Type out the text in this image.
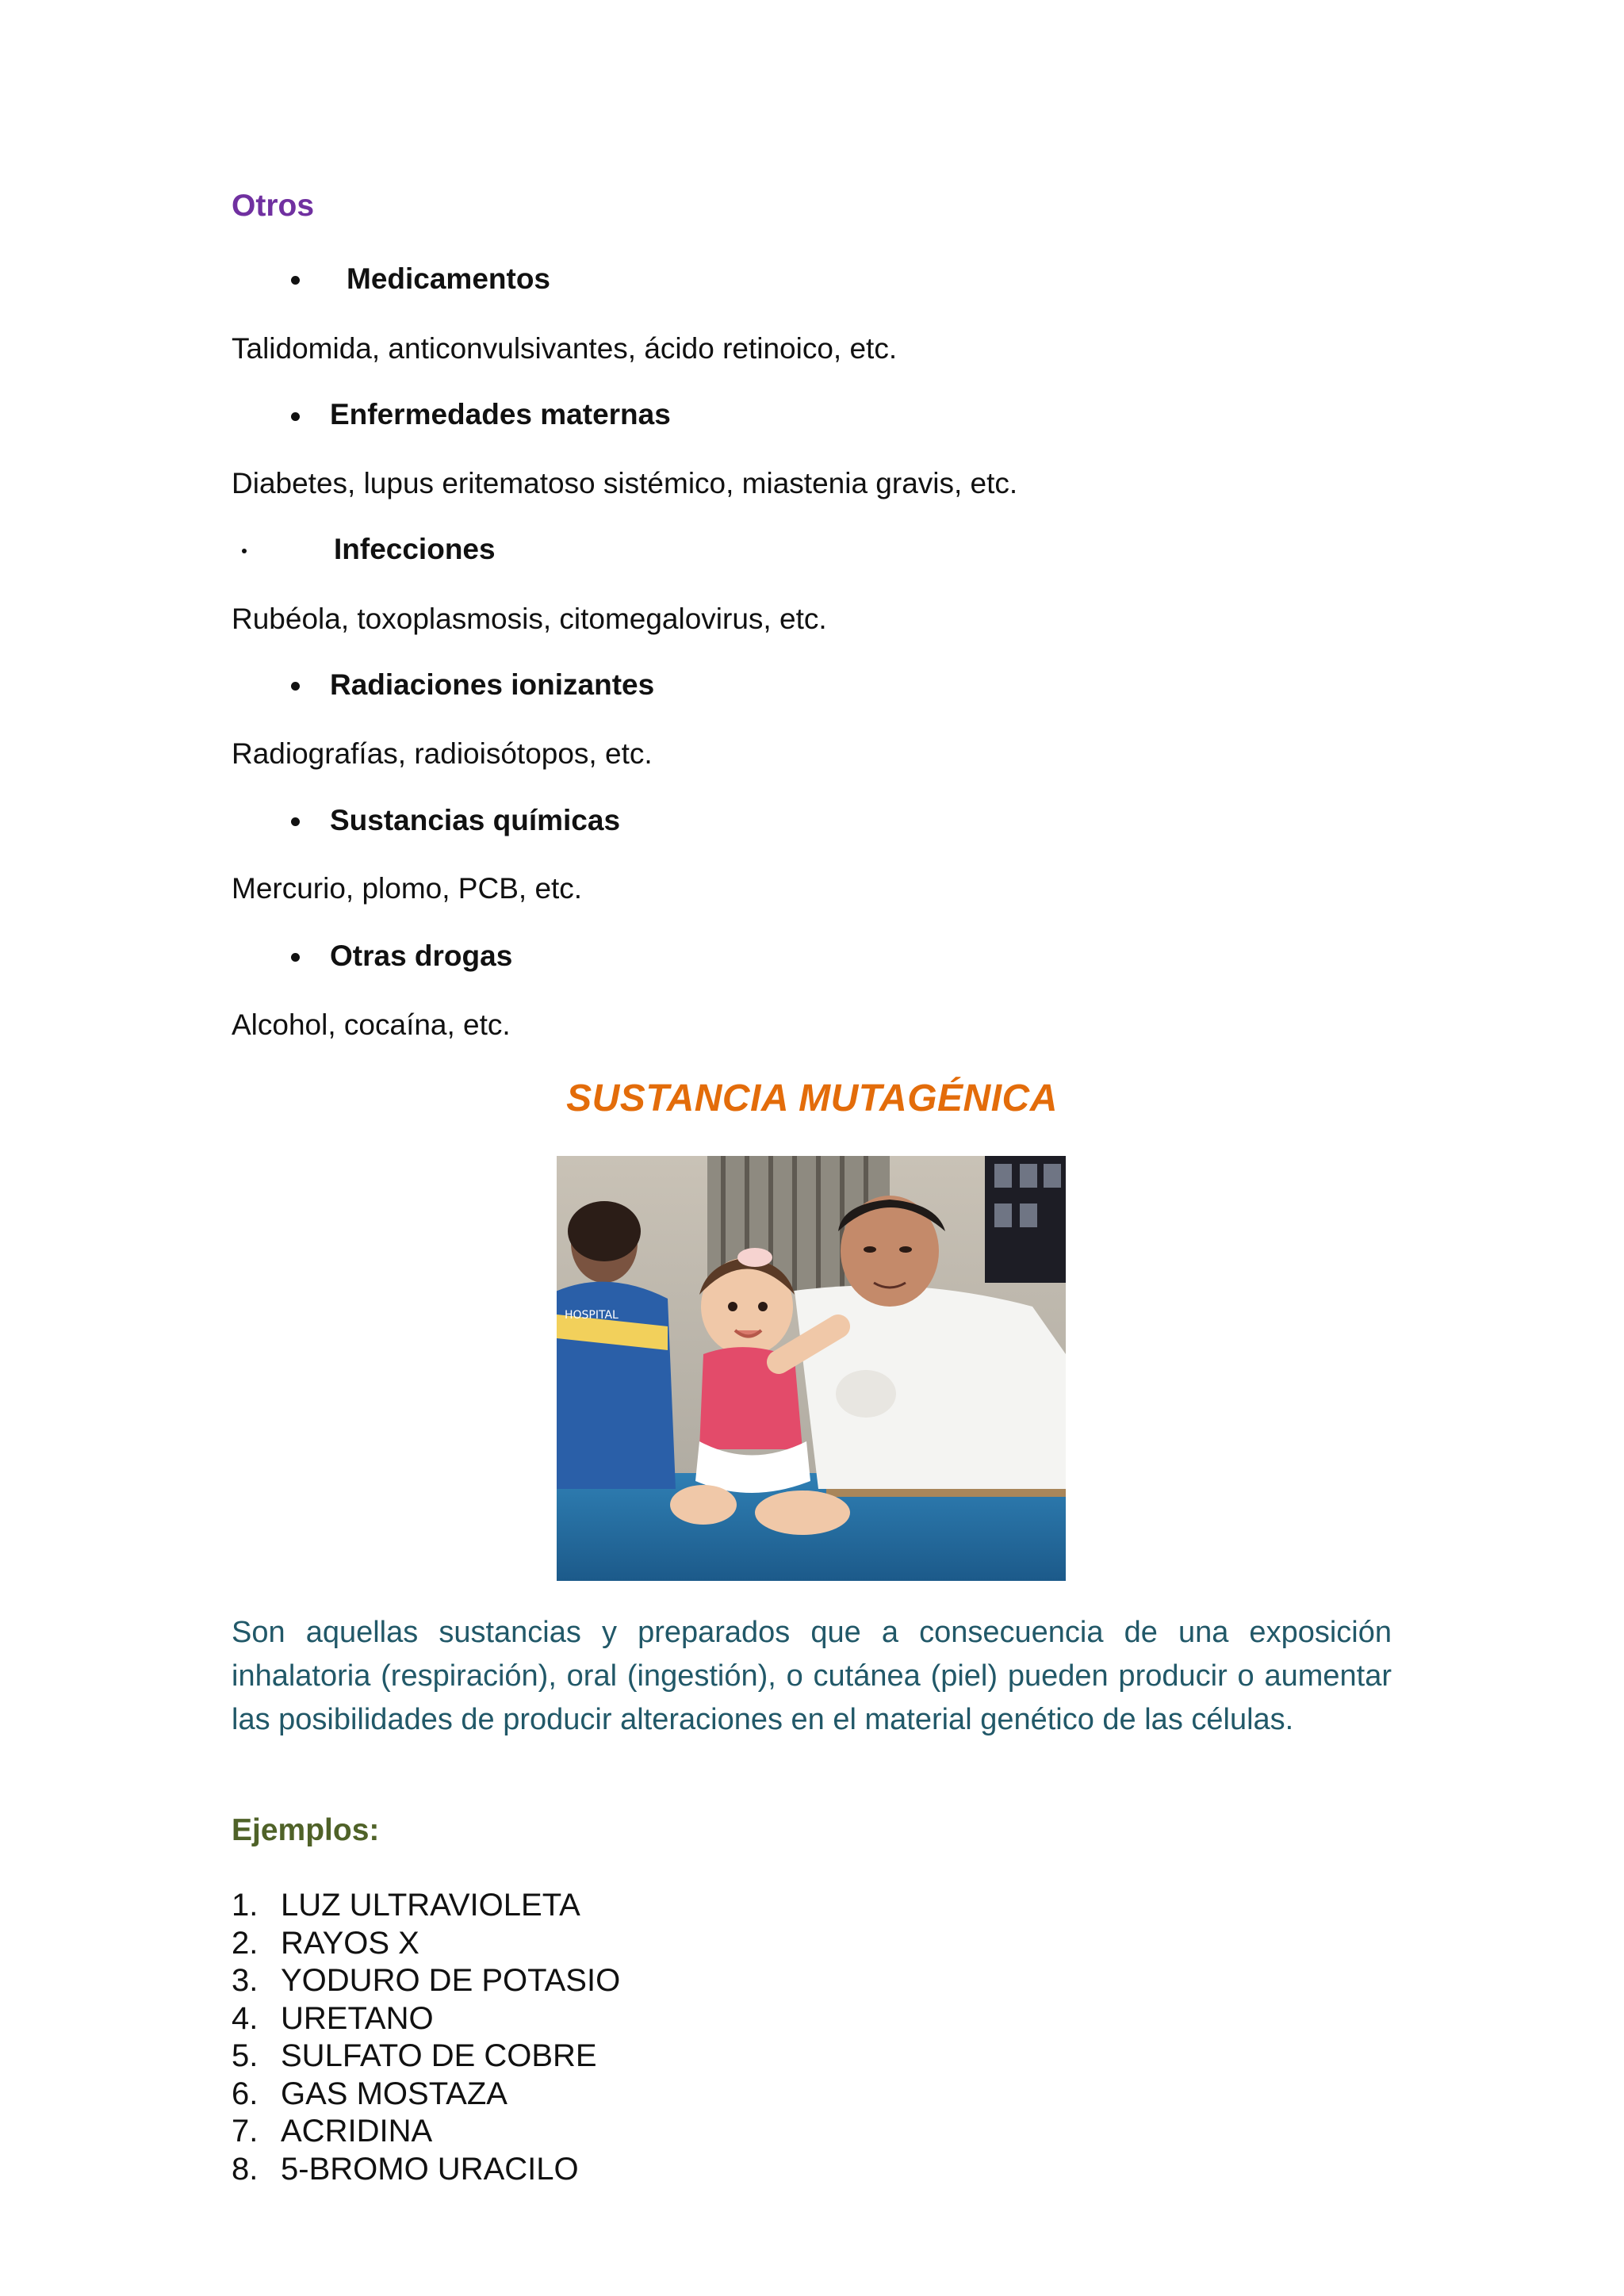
Otros
Medicamentos
Talidomida, anticonvulsivantes, ácido retinoico, etc.
Enfermedades maternas
Diabetes, lupus eritematoso sistémico, miastenia gravis, etc.
Infecciones
Rubéola, toxoplasmosis, citomegalovirus, etc.
Radiaciones ionizantes
Radiografías, radioisótopos, etc.
Sustancias químicas
Mercurio, plomo, PCB, etc.
Otras drogas
Alcohol, cocaína, etc.
SUSTANCIA MUTAGÉNICA
HOSPITAL
Son aquellas sustancias y preparados que a consecuencia de una exposición inhalatoria (respiración), oral (ingestión), o cutánea (piel) pueden producir o aumentar las posibilidades de producir alteraciones en el material genético de las células.
Ejemplos:
1. LUZ ULTRAVIOLETA
2. RAYOS X
3. YODURO DE POTASIO
4. URETANO
5. SULFATO DE COBRE
6. GAS MOSTAZA
7. ACRIDINA
8. 5-BROMO URACILO
